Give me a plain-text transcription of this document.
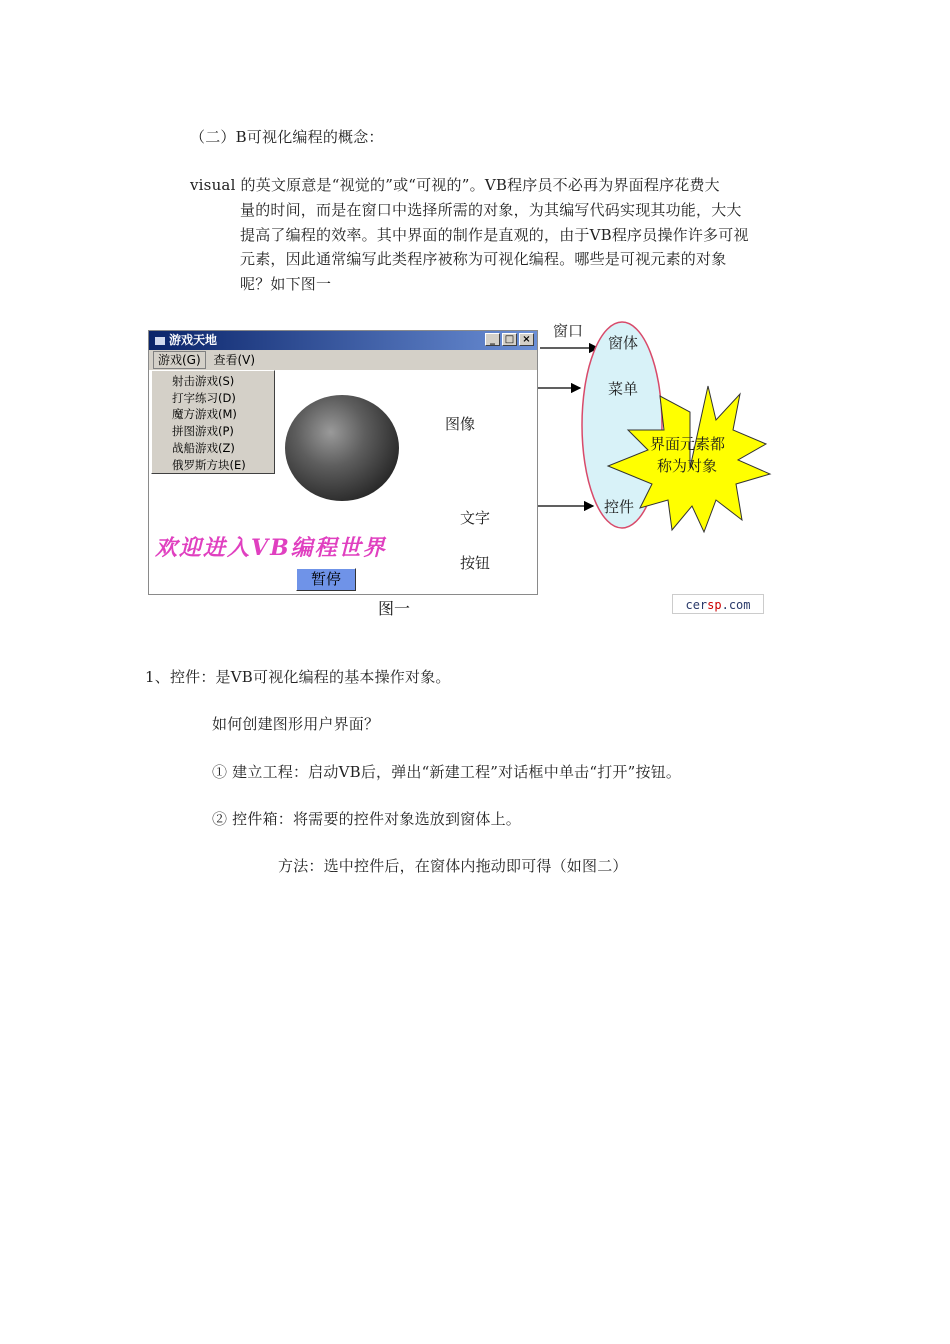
（二）B可视化编程的概念：
visual 的英文原意是“视觉的”或“可视的”。VB程序员不必再为界面程序花费大
量的时间，而是在窗口中选择所需的对象，为其编写代码实现其功能，大大
提高了编程的效率。其中界面的制作是直观的，由于VB程序员操作许多可视
元素，因此通常编写此类程序被称为可视化编程。哪些是可视元素的对象
呢？如下图一
游戏天地	_ □ ×
游戏(G) 查看(V)
射击游戏(S)
打字练习(D)
魔方游戏(M)
拼图游戏(P)
战船游戏(Z)
俄罗斯方块(E)
欢迎进入VB编程世界
暂停
窗口
图像
文字
按钮
窗体
菜单
控件
界面元素都
称为对象
图一	cersp.com
1、控件：是VB可视化编程的基本操作对象。
如何创建图形用户界面？
① 建立工程：启动VB后，弹出“新建工程”对话框中单击“打开”按钮。
② 控件箱：将需要的控件对象选放到窗体上。
方法：选中控件后，在窗体内拖动即可得（如图二）
